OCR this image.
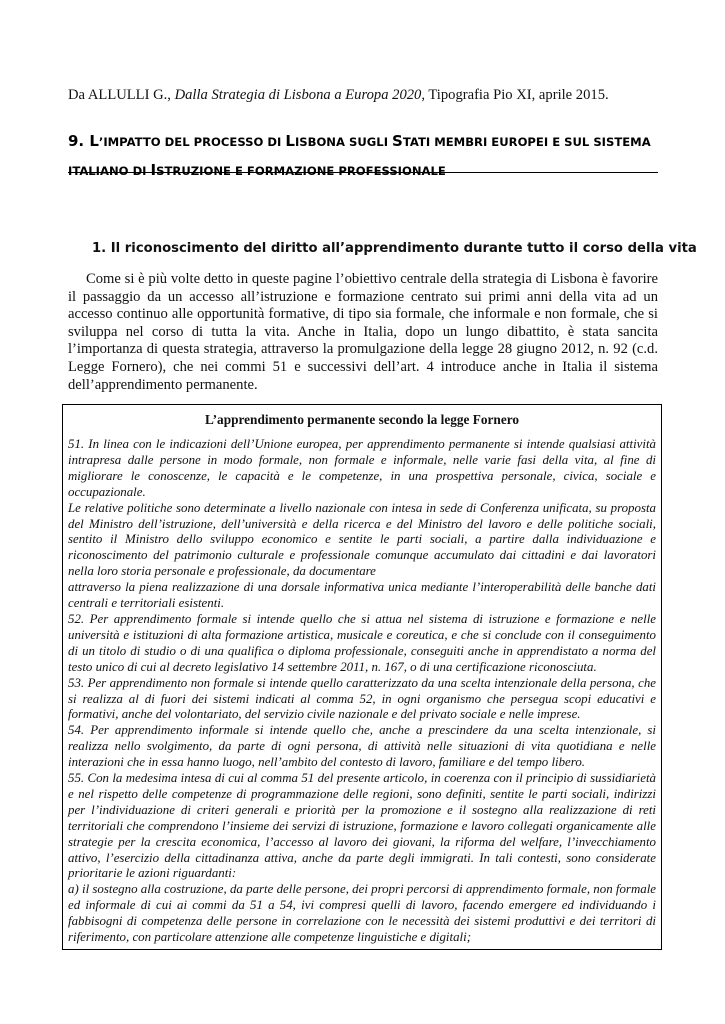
Da ALLULLI G., Dalla Strategia di Lisbona a Europa 2020, Tipografia Pio XI, aprile 2015.
9. L’IMPATTO DEL PROCESSO DI LISBONA SUGLI STATI MEMBRI EUROPEI E SUL SISTEMA
ITALIANO DI ISTRUZIONE E FORMAZIONE PROFESSIONALE
1. Il riconoscimento del diritto all’apprendimento durante tutto il corso della vita
Come si è più volte detto in queste pagine l’obiettivo centrale della strategia di Lisbona è favorire il passaggio da un accesso all’istruzione e formazione centrato sui primi anni della vita ad un accesso continuo alle opportunità formative, di tipo sia formale, che informale e non formale, che si sviluppa nel corso di tutta la vita. Anche in Italia, dopo un lungo dibattito, è stata sancita l’importanza di questa strategia, attraverso la promulgazione della legge 28 giugno 2012, n. 92 (c.d. Legge Fornero), che nei commi 51 e successivi dell’art. 4 introduce anche in Italia il sistema dell’apprendimento permanente.
L’apprendimento permanente secondo la legge Fornero

51. In linea con le indicazioni dell’Unione europea, per apprendimento permanente si intende qualsiasi attività intrapresa dalle persone in modo formale, non formale e informale, nelle varie fasi della vita, al fine di migliorare le conoscenze, le capacità e le competenze, in una prospettiva personale, civica, sociale e occupazionale.

Le relative politiche sono determinate a livello nazionale con intesa in sede di Conferenza unificata, su proposta del Ministro dell’istruzione, dell’università e della ricerca e del Ministro del lavoro e delle politiche sociali, sentito il Ministro dello sviluppo economico e sentite le parti sociali, a partire dalla individuazione e riconoscimento del patrimonio culturale e professionale comunque accumulato dai cittadini e dai lavoratori nella loro storia personale e professionale, da documentare

attraverso la piena realizzazione di una dorsale informativa unica mediante l’interoperabilità delle banche dati centrali e territoriali esistenti.

52. Per apprendimento formale si intende quello che si attua nel sistema di istruzione e formazione e nelle università e istituzioni di alta formazione artistica, musicale e coreutica, e che si conclude con il conseguimento di un titolo di studio o di una qualifica o diploma professionale, conseguiti anche in apprendistato a norma del testo unico di cui al decreto legislativo 14 settembre 2011, n. 167, o di una certificazione riconosciuta.

53. Per apprendimento non formale si intende quello caratterizzato da una scelta intenzionale della persona, che si realizza al di fuori dei sistemi indicati al comma 52, in ogni organismo che persegua scopi educativi e formativi, anche del volontariato, del servizio civile nazionale e del privato sociale e nelle imprese.

54. Per apprendimento informale si intende quello che, anche a prescindere da una scelta intenzionale, si realizza nello svolgimento, da parte di ogni persona, di attività nelle situazioni di vita quotidiana e nelle interazioni che in essa hanno luogo, nell’ambito del contesto di lavoro, familiare e del tempo libero.

55. Con la medesima intesa di cui al comma 51 del presente articolo, in coerenza con il principio di sussidiarietà e nel rispetto delle competenze di programmazione delle regioni, sono definiti, sentite le parti sociali, indirizzi per l’individuazione di criteri generali e priorità per la promozione e il sostegno alla realizzazione di reti territoriali che comprendono l’insieme dei servizi di istruzione, formazione e lavoro collegati organicamente alle strategie per la crescita economica, l’accesso al lavoro dei giovani, la riforma del welfare, l’invecchiamento attivo, l’esercizio della cittadinanza attiva, anche da parte degli immigrati. In tali contesti, sono considerate prioritarie le azioni riguardanti:

a) il sostegno alla costruzione, da parte delle persone, dei propri percorsi di apprendimento formale, non formale ed informale di cui ai commi da 51 a 54, ivi compresi quelli di lavoro, facendo emergere ed individuando i fabbisogni di competenza delle persone in correlazione con le necessità dei sistemi produttivi e dei territori di riferimento, con particolare attenzione alle competenze linguistiche e digitali;
